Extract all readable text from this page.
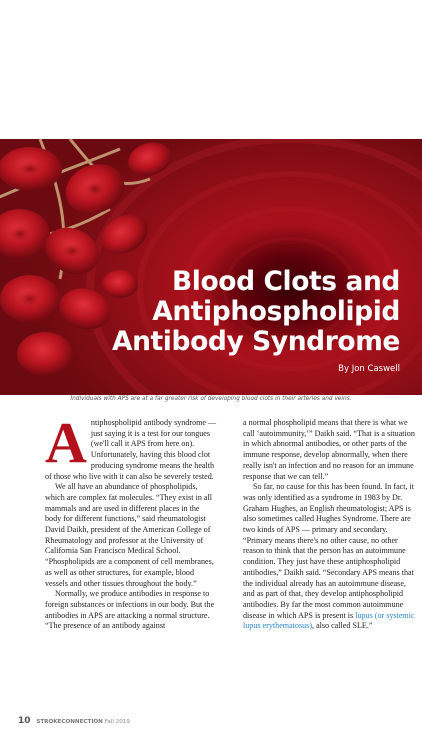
Blood Clots and Antiphospholipid Antibody Syndrome
By Jon Caswell
Individuals with APS are at a far greater risk of developing blood clots in their arteries and veins.

Antiphospholipid antibody syndrome — just saying it is a test for our tongues (we'll call it APS from here on). Unfortunately, having this blood clot producing syndrome means the health of those who live with it can also be severely tested.

We all have an abundance of phospholipids, which are complex fat molecules. “They exist in all mammals and are used in different places in the body for different functions,” said rheumatologist David Daikh, president of the American College of Rheumatology and professor at the University of California San Francisco Medical School. “Phospholipids are a component of cell membranes, as well as other structures, for example, blood vessels and other tissues throughout the body.”

Normally, we produce antibodies in response to foreign substances or infections in our body. But the antibodies in APS are attacking a normal structure. “The presence of an antibody against

a normal phospholipid means that there is what we call ‘autoimmunity,’” Daikh said. “That is a situation in which abnormal antibodies, or other parts of the immune response, develop abnormally, when there really isn't an infection and no reason for an immune response that we can tell.”

So far, no cause for this has been found. In fact, it was only identified as a syndrome in 1983 by Dr. Graham Hughes, an English rheumatologist; APS is also sometimes called Hughes Syndrome. There are two kinds of APS — primary and secondary. “Primary means there's no other cause, no other reason to think that the person has an autoimmune condition. They just have these antiphospholipid antibodies,” Daikh said. “Secondary APS means that the individual already has an autoimmune disease, and as part of that, they develop antiphospholipid antibodies. By far the most common autoimmune disease in which APS is present is lupus (or systemic lupus erythematosus), also called SLE.”

10 STROKECONNECTION Fall 2019
